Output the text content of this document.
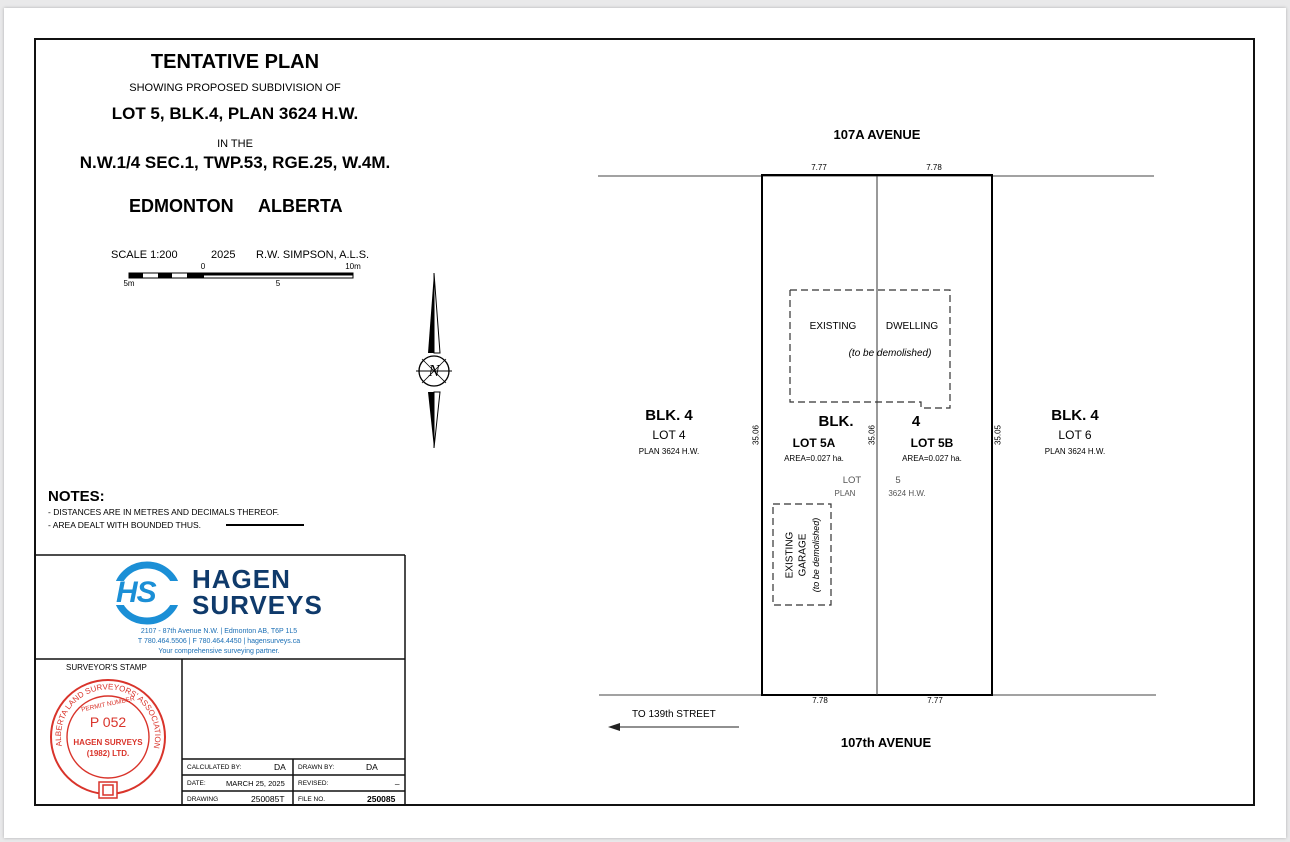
TENTATIVE PLAN
SHOWING PROPOSED SUBDIVISION OF
LOT 5, BLK.4, PLAN 3624 H.W.
IN THE
N.W.1/4 SEC.1, TWP.53, RGE.25, W.4M.
EDMONTON ALBERTA
SCALE 1:200	2025 R.W. SIMPSON, A.L.S.
0	10m
5m	5
N
NOTES:
- DISTANCES ARE IN METRES AND DECIMALS THEREOF.
- AREA DEALT WITH BOUNDED THUS.
HS HAGEN
SURVEYS
2107 - 87th Avenue N.W. | Edmonton AB, T6P 1L5
T 780.464.5506 | F 780.464.4450 | hagensurveys.ca
Your comprehensive surveying partner.
SURVEYOR'S STAMP
ALBERTA LAND SURVEYORS' ASSOCIATION
PERMIT NUMBER
P 052
HAGEN SURVEYS
(1982) LTD.
CALCULATED BY:	DA DRAWN BY:	DA
DATE:	MARCH 25, 2025 REVISED:	_
DRAWING	250085T FILE NO.	250085
107A AVENUE
107th AVENUE
TO 139th STREET
7.77	7.78
7.78	7.77
35.06	35.06	35.05
BLK. 4
LOT 4
PLAN 3624 H.W.
BLK. 4
LOT 6
PLAN 3624 H.W.
BLK.	4
LOT 5A
AREA=0.027 ha.
LOT 5B
AREA=0.027 ha.
LOT	5
PLAN	3624 H.W.
EXISTING	DWELLING
(to be demolished)
EXISTING GARAGE (to be demolished)
